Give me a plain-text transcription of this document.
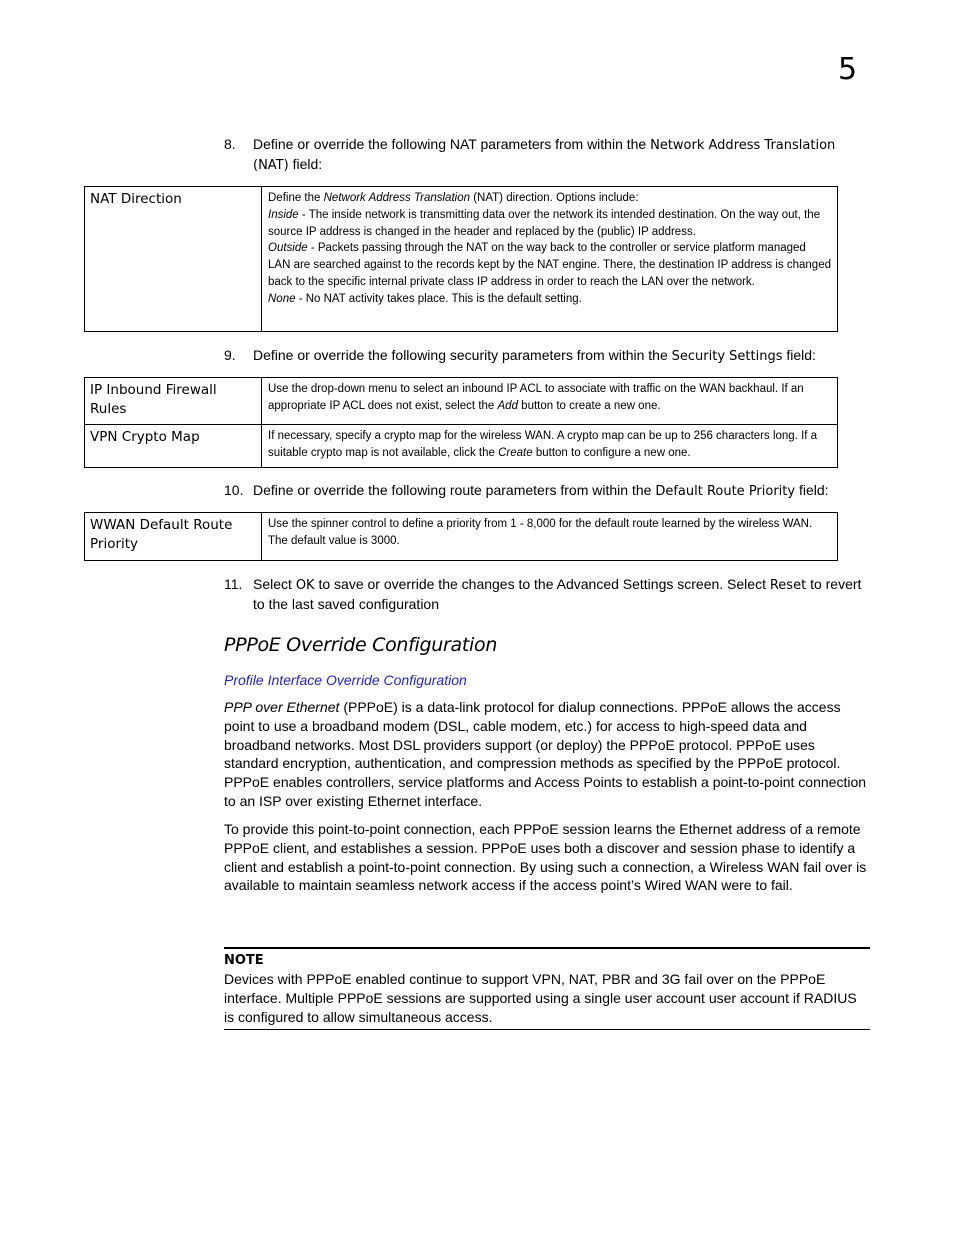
5
8. Define or override the following NAT parameters from within the Network Address Translation (NAT) field:
NAT Direction	Define the Network Address Translation (NAT) direction. Options include:

Inside - The inside network is transmitting data over the network its intended destination. On the way out, the source IP address is changed in the header and replaced by the (public) IP address.

Outside - Packets passing through the NAT on the way back to the controller or service platform managed LAN are searched against to the records kept by the NAT engine. There, the destination IP address is changed back to the specific internal private class IP address in order to reach the LAN over the network.

None - No NAT activity takes place. This is the default setting.

9. Define or override the following security parameters from within the Security Settings field:
IP Inbound Firewall Rules	Use the drop-down menu to select an inbound IP ACL to associate with traffic on the WAN backhaul. If an appropriate IP ACL does not exist, select the Add button to create a new one.
VPN Crypto Map	If necessary, specify a crypto map for the wireless WAN. A crypto map can be up to 256 characters long. If a suitable crypto map is not available, click the Create button to configure a new one.
10. Define or override the following route parameters from within the Default Route Priority field:
WWAN Default Route Priority	Use the spinner control to define a priority from 1 - 8,000 for the default route learned by the wireless WAN. The default value is 3000.
11. Select OK to save or override the changes to the Advanced Settings screen. Select Reset to revert to the last saved configuration
PPPoE Override Configuration
Profile Interface Override Configuration

PPP over Ethernet (PPPoE) is a data-link protocol for dialup connections. PPPoE allows the access point to use a broadband modem (DSL, cable modem, etc.) for access to high-speed data and broadband networks. Most DSL providers support (or deploy) the PPPoE protocol. PPPoE uses standard encryption, authentication, and compression methods as specified by the PPPoE protocol. PPPoE enables controllers, service platforms and Access Points to establish a point-to-point connection to an ISP over existing Ethernet interface.

To provide this point-to-point connection, each PPPoE session learns the Ethernet address of a remote PPPoE client, and establishes a session. PPPoE uses both a discover and session phase to identify a client and establish a point-to-point connection. By using such a connection, a Wireless WAN fail over is available to maintain seamless network access if the access point’s Wired WAN were to fail.

NOTE
Devices with PPPoE enabled continue to support VPN, NAT, PBR and 3G fail over on the PPPoE interface. Multiple PPPoE sessions are supported using a single user account user account if RADIUS is configured to allow simultaneous access.
